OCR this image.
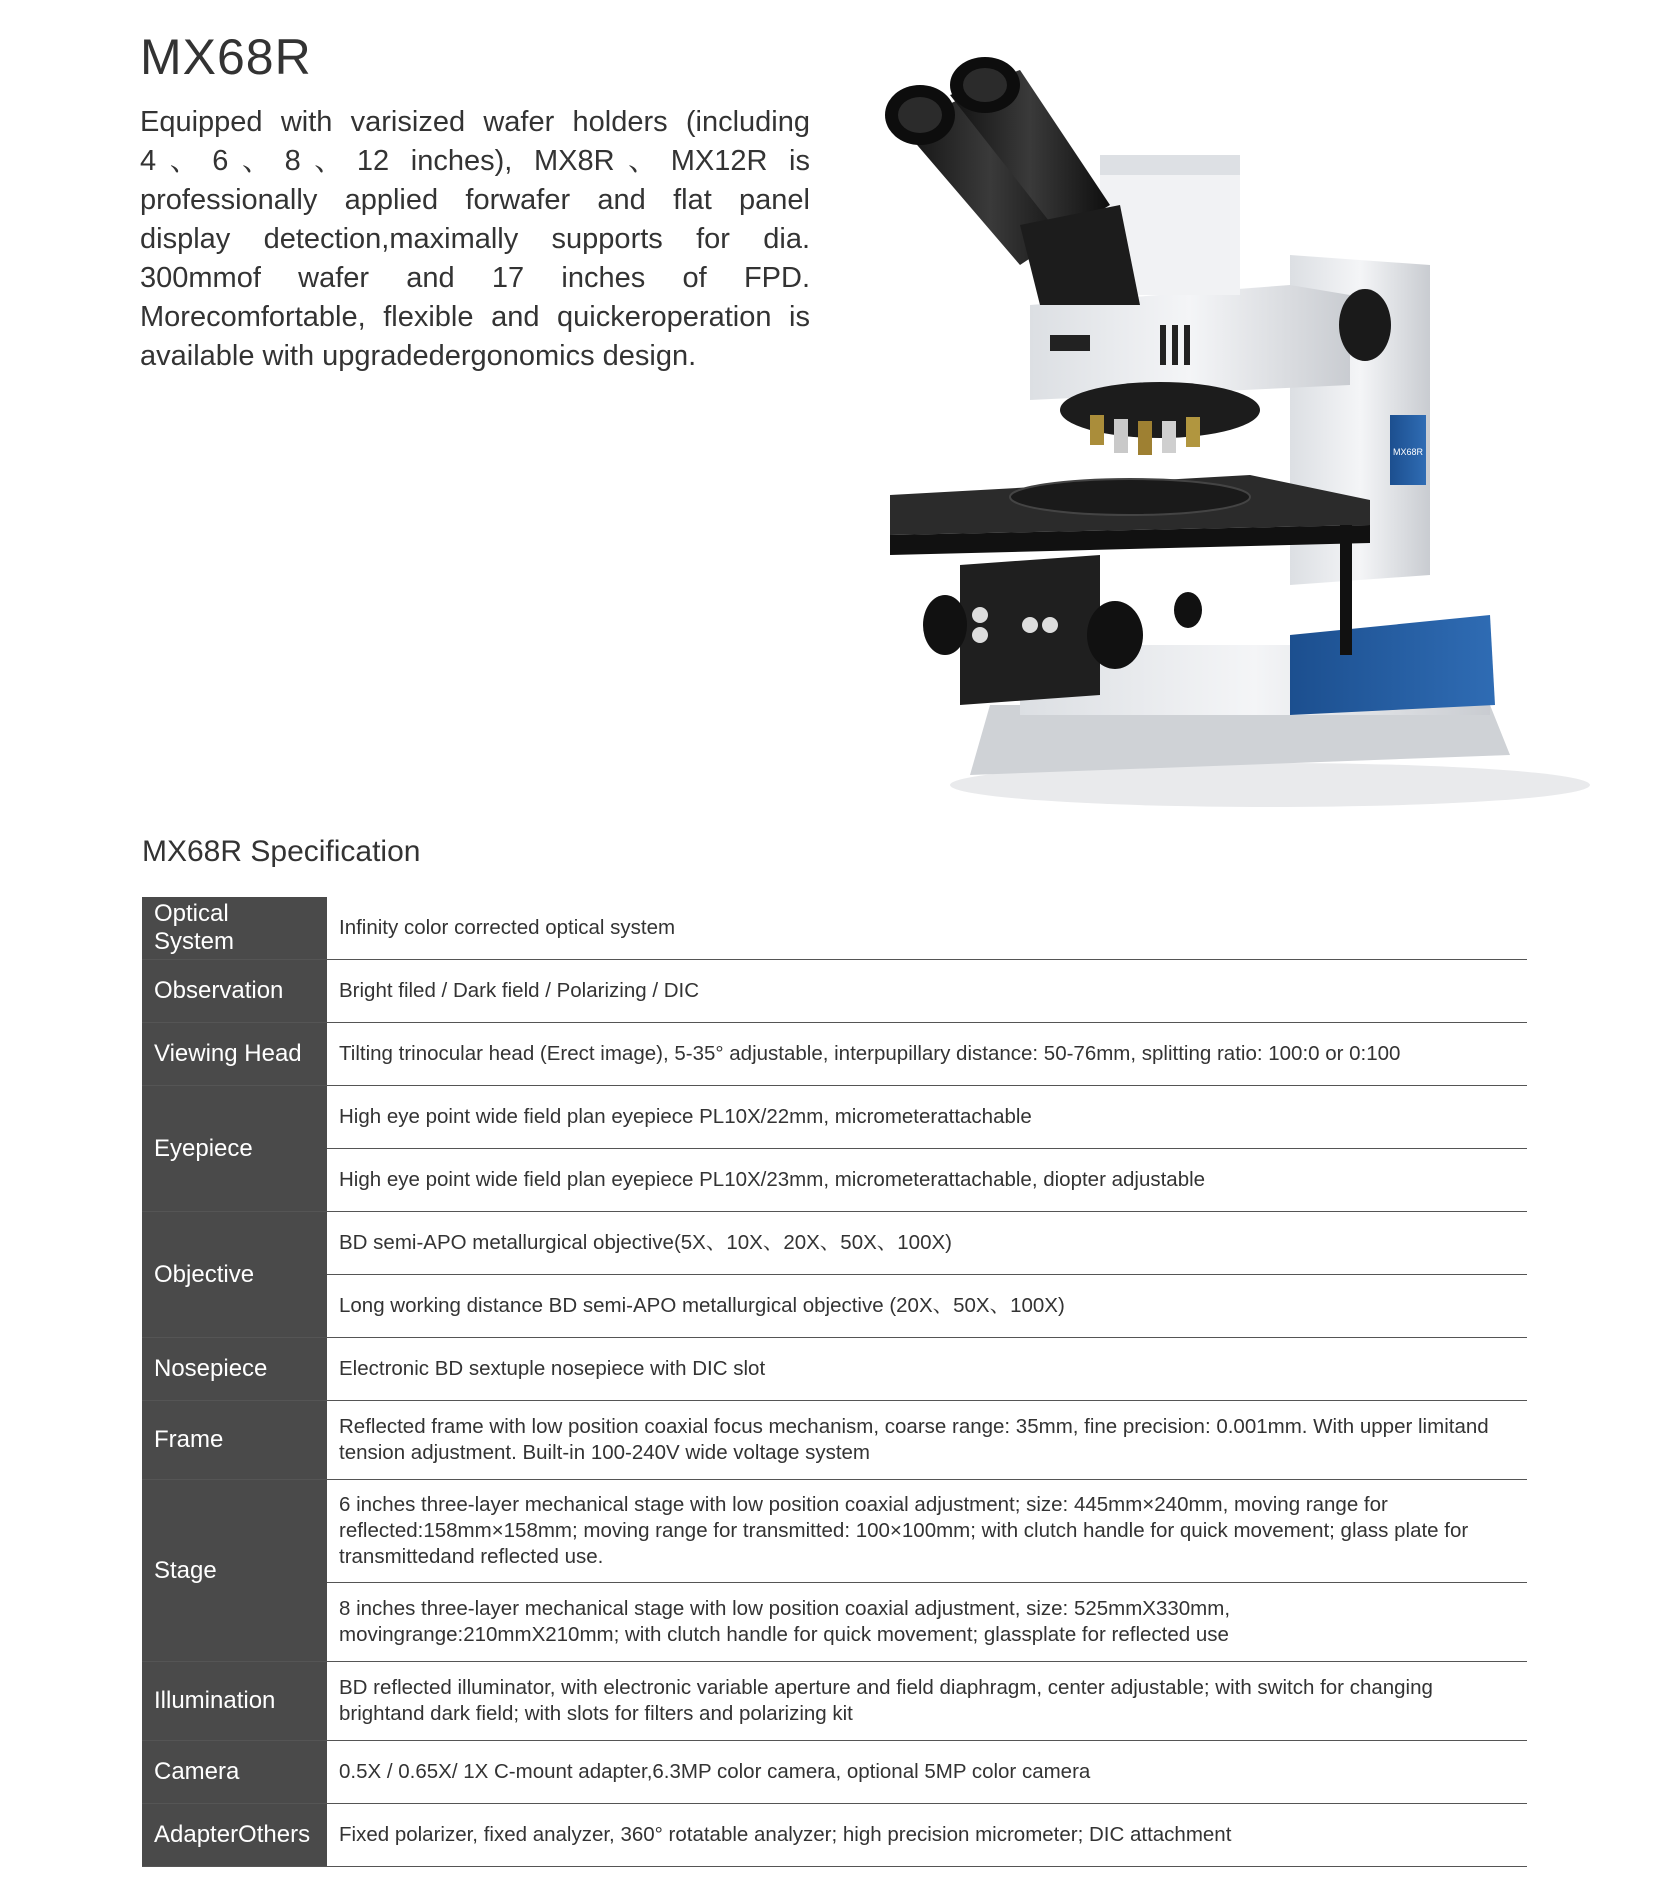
MX68R

Equipped with varisized wafer holders (including 4、6、8、12 inches), MX8R、MX12R is professionally applied forwafer and flat panel display detection,maximally supports for dia. 300mmof wafer and 17 inches of FPD. Morecomfortable, flexible and quickeroperation is available with upgradedergonomics design.

MX68R
MX68R Specification
Optical System	Infinity color corrected optical system
Observation	Bright filed / Dark field / Polarizing / DIC
Viewing Head	Tilting trinocular head (Erect image), 5-35° adjustable, interpupillary distance: 50-76mm, splitting ratio: 100:0 or 0:100
Eyepiece	High eye point wide field plan eyepiece PL10X/22mm, micrometerattachable
	High eye point wide field plan eyepiece PL10X/23mm, micrometerattachable, diopter adjustable
Objective	BD semi-APO metallurgical objective(5X、10X、20X、50X、100X)
	Long working distance BD semi-APO metallurgical objective (20X、50X、100X)
Nosepiece	Electronic BD sextuple nosepiece with DIC slot
Frame	Reflected frame with low position coaxial focus mechanism, coarse range: 35mm, fine precision: 0.001mm. With upper limitand tension adjustment. Built-in 100-240V wide voltage system
Stage	6 inches three-layer mechanical stage with low position coaxial adjustment; size: 445mm×240mm, moving range for reflected:158mm×158mm; moving range for transmitted: 100×100mm; with clutch handle for quick movement; glass plate for transmittedand reflected use.
	8 inches three-layer mechanical stage with low position coaxial adjustment, size: 525mmX330mm, movingrange:210mmX210mm; with clutch handle for quick movement; glassplate for reflected use
Illumination	BD reflected illuminator, with electronic variable aperture and field diaphragm, center adjustable; with switch for changing brightand dark field; with slots for filters and polarizing kit
Camera	0.5X / 0.65X/ 1X C-mount adapter,6.3MP color camera, optional 5MP color camera
AdapterOthers	Fixed polarizer, fixed analyzer, 360° rotatable analyzer; high precision micrometer; DIC attachment
